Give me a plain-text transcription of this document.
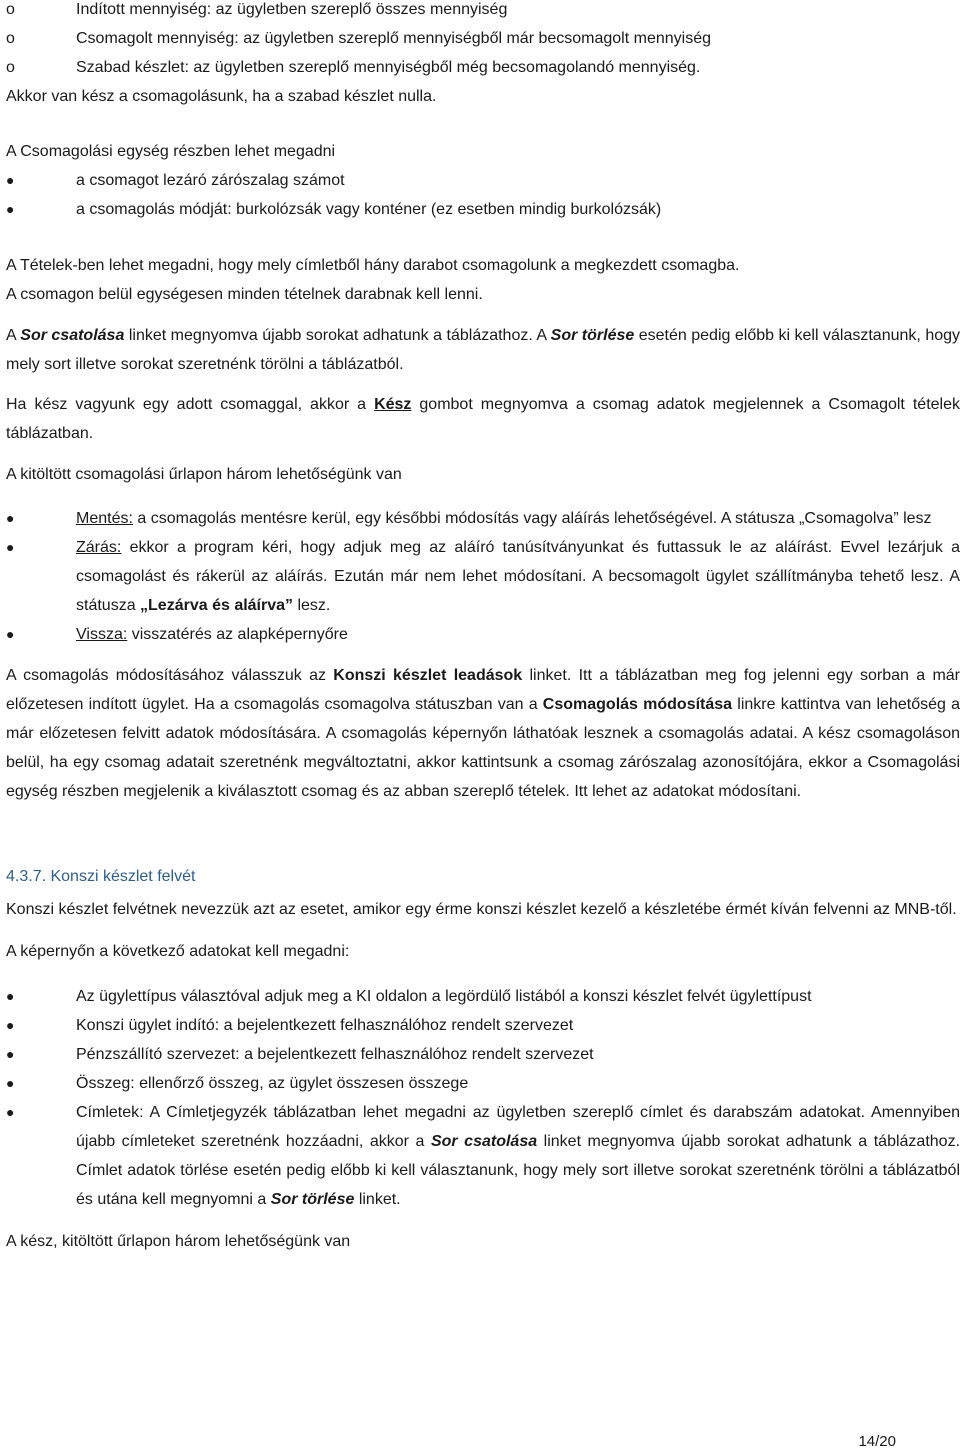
o	Indított mennyiség: az ügyletben szereplő összes mennyiség
o	Csomagolt mennyiség: az ügyletben szereplő mennyiségből már becsomagolt mennyiség
o	Szabad készlet: az ügyletben szereplő mennyiségből még becsomagolandó mennyiség.

Akkor van kész a csomagolásunk, ha a szabad készlet nulla.

A Csomagolási egység részben lehet megadni

●	a csomagot lezáró zárószalag számot
●	a csomagolás módját: burkolózsák vagy konténer (ez esetben mindig burkolózsák)

A Tételek-ben lehet megadni, hogy mely címletből hány darabot csomagolunk a megkezdett csomagba.

A csomagon belül egységesen minden tételnek darabnak kell lenni.

A Sor csatolása linket megnyomva újabb sorokat adhatunk a táblázathoz. A Sor törlése esetén pedig előbb ki kell választanunk, hogy mely sort illetve sorokat szeretnénk törölni a táblázatból.

Ha kész vagyunk egy adott csomaggal, akkor a Kész gombot megnyomva a csomag adatok megjelennek a Csomagolt tételek táblázatban.

A kitöltött csomagolási űrlapon három lehetőségünk van

●	Mentés: a csomagolás mentésre kerül, egy későbbi módosítás vagy aláírás lehetőségével. A státusza „Csomagolva” lesz
●	Zárás: ekkor a program kéri, hogy adjuk meg az aláíró tanúsítványunkat és futtassuk le az aláírást. Evvel lezárjuk a csomagolást és rákerül az aláírás. Ezután már nem lehet módosítani. A becsomagolt ügylet szállítmányba tehető lesz. A státusza „Lezárva és aláírva” lesz.
●	Vissza: visszatérés az alapképernyőre

A csomagolás módosításához válasszuk az Konszi készlet leadások linket. Itt a táblázatban meg fog jelenni egy sorban a már előzetesen indított ügylet. Ha a csomagolás csomagolva státuszban van a Csomagolás módosítása linkre kattintva van lehetőség a már előzetesen felvitt adatok módosítására. A csomagolás képernyőn láthatóak lesznek a csomagolás adatai. A kész csomagoláson belül, ha egy csomag adatait szeretnénk megváltoztatni, akkor kattintsunk a csomag zárószalag azonosítójára, ekkor a Csomagolási egység részben megjelenik a kiválasztott csomag és az abban szereplő tételek. Itt lehet az adatokat módosítani.

4.3.7. Konszi készlet felvét

Konszi készlet felvétnek nevezzük azt az esetet, amikor egy érme konszi készlet kezelő a készletébe érmét kíván felvenni az MNB-től.

A képernyőn a következő adatokat kell megadni:

●	Az ügylettípus választóval adjuk meg a KI oldalon a legördülő listából a konszi készlet felvét ügylettípust
●	Konszi ügylet indító: a bejelentkezett felhasználóhoz rendelt szervezet
●	Pénzszállító szervezet: a bejelentkezett felhasználóhoz rendelt szervezet
●	Összeg: ellenőrző összeg, az ügylet összesen összege
●	Címletek: A Címletjegyzék táblázatban lehet megadni az ügyletben szereplő címlet és darabszám adatokat. Amennyiben újabb címleteket szeretnénk hozzáadni, akkor a Sor csatolása linket megnyomva újabb sorokat adhatunk a táblázathoz. Címlet adatok törlése esetén pedig előbb ki kell választanunk, hogy mely sort illetve sorokat szeretnénk törölni a táblázatból és utána kell megnyomni a Sor törlése linket.

A kész, kitöltött űrlapon három lehetőségünk van

14/20
